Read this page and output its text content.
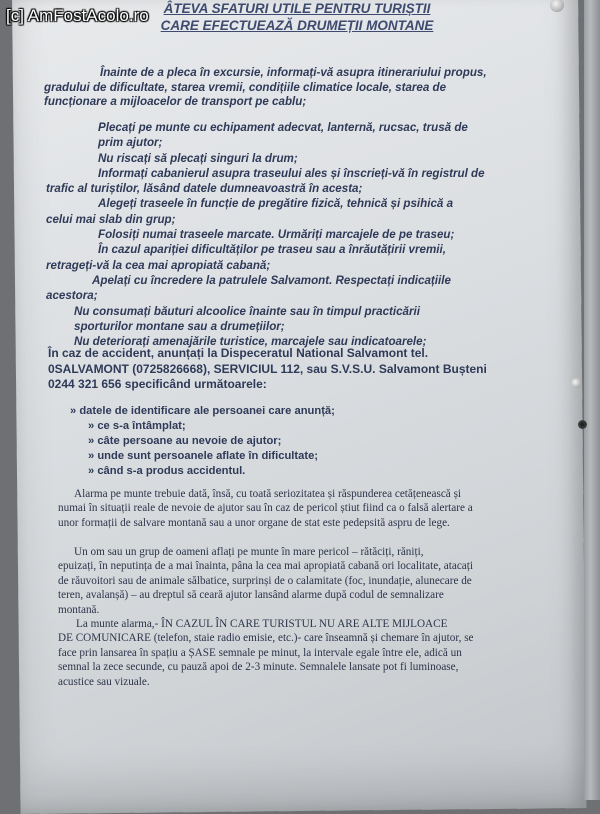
ÂTEVA SFATURI UTILE PENTRU TURIȘTII
CARE EFECTUEAZĂ DRUMEȚII MONTANE
Înainte de a pleca în excursie, informați-vă asupra itinerariului propus,
gradului de dificultate, starea vremii, condițiile climatice locale, starea de
funcționare a mijloacelor de transport pe cablu;
Plecați pe munte cu echipament adecvat, lanternă, rucsac, trusă de
prim ajutor;
Nu riscați să plecați singuri la drum;
Informați cabanierul asupra traseului ales și înscrieți-vă în registrul de
trafic al turiștilor, lăsând datele dumneavoastră în acesta;
Alegeți traseele în funcție de pregătire fizică, tehnică și psihică a
celui mai slab din grup;
Folosiți numai traseele marcate. Urmăriți marcajele de pe traseu;
În cazul apariției dificultăților pe traseu sau a înrăutățirii vremii,
retrageți-vă la cea mai apropiată cabană;
Apelați cu încredere la patrulele Salvamont. Respectați indicațiile
acestora;
Nu consumați băuturi alcoolice înainte sau în timpul practicării
sporturilor montane sau a drumețiilor;
Nu deteriorați amenajările turistice, marcajele sau indicatoarele;
În caz de accident, anunțați la Dispeceratul National Salvamont tel.
0SALVAMONT (0725826668), SERVICIUL 112, sau S.V.S.U. Salvamont Bușteni
0244 321 656 specificând următoarele:
» datele de identificare ale persoanei care anunță;
» ce s-a întâmplat;
» câte persoane au nevoie de ajutor;
» unde sunt persoanele aflate în dificultate;
» când s-a produs accidentul.
Alarma pe munte trebuie dată, însă, cu toată seriozitatea și răspunderea cetățenească și
numai în situații reale de nevoie de ajutor sau în caz de pericol știut fiind ca o falsă alertare a
unor formații de salvare montană sau a unor organe de stat este pedepsită aspru de lege.
Un om sau un grup de oameni aflați pe munte în mare pericol – rătăciți, răniți,
epuizați, în neputința de a mai înainta, pâna la cea mai apropiată cabană ori localitate, atacați
de răuvoitori sau de animale sălbatice, surprinși de o calamitate (foc, inundație, alunecare de
teren, avalanșă) – au dreptul să ceară ajutor lansând alarme după codul de semnalizare
montană.
La munte alarma,- ÎN CAZUL ÎN CARE TURISTUL NU ARE ALTE MIJLOACE
DE COMUNICARE (telefon, staie radio emisie, etc.)- care înseamnă și chemare în ajutor, se
face prin lansarea în spațiu a ȘASE semnale pe minut, la intervale egale între ele, adică un
semnal la zece secunde, cu pauză apoi de 2-3 minute. Semnalele lansate pot fi luminoase,
acustice sau vizuale.
[c] AmFostAcolo.ro
